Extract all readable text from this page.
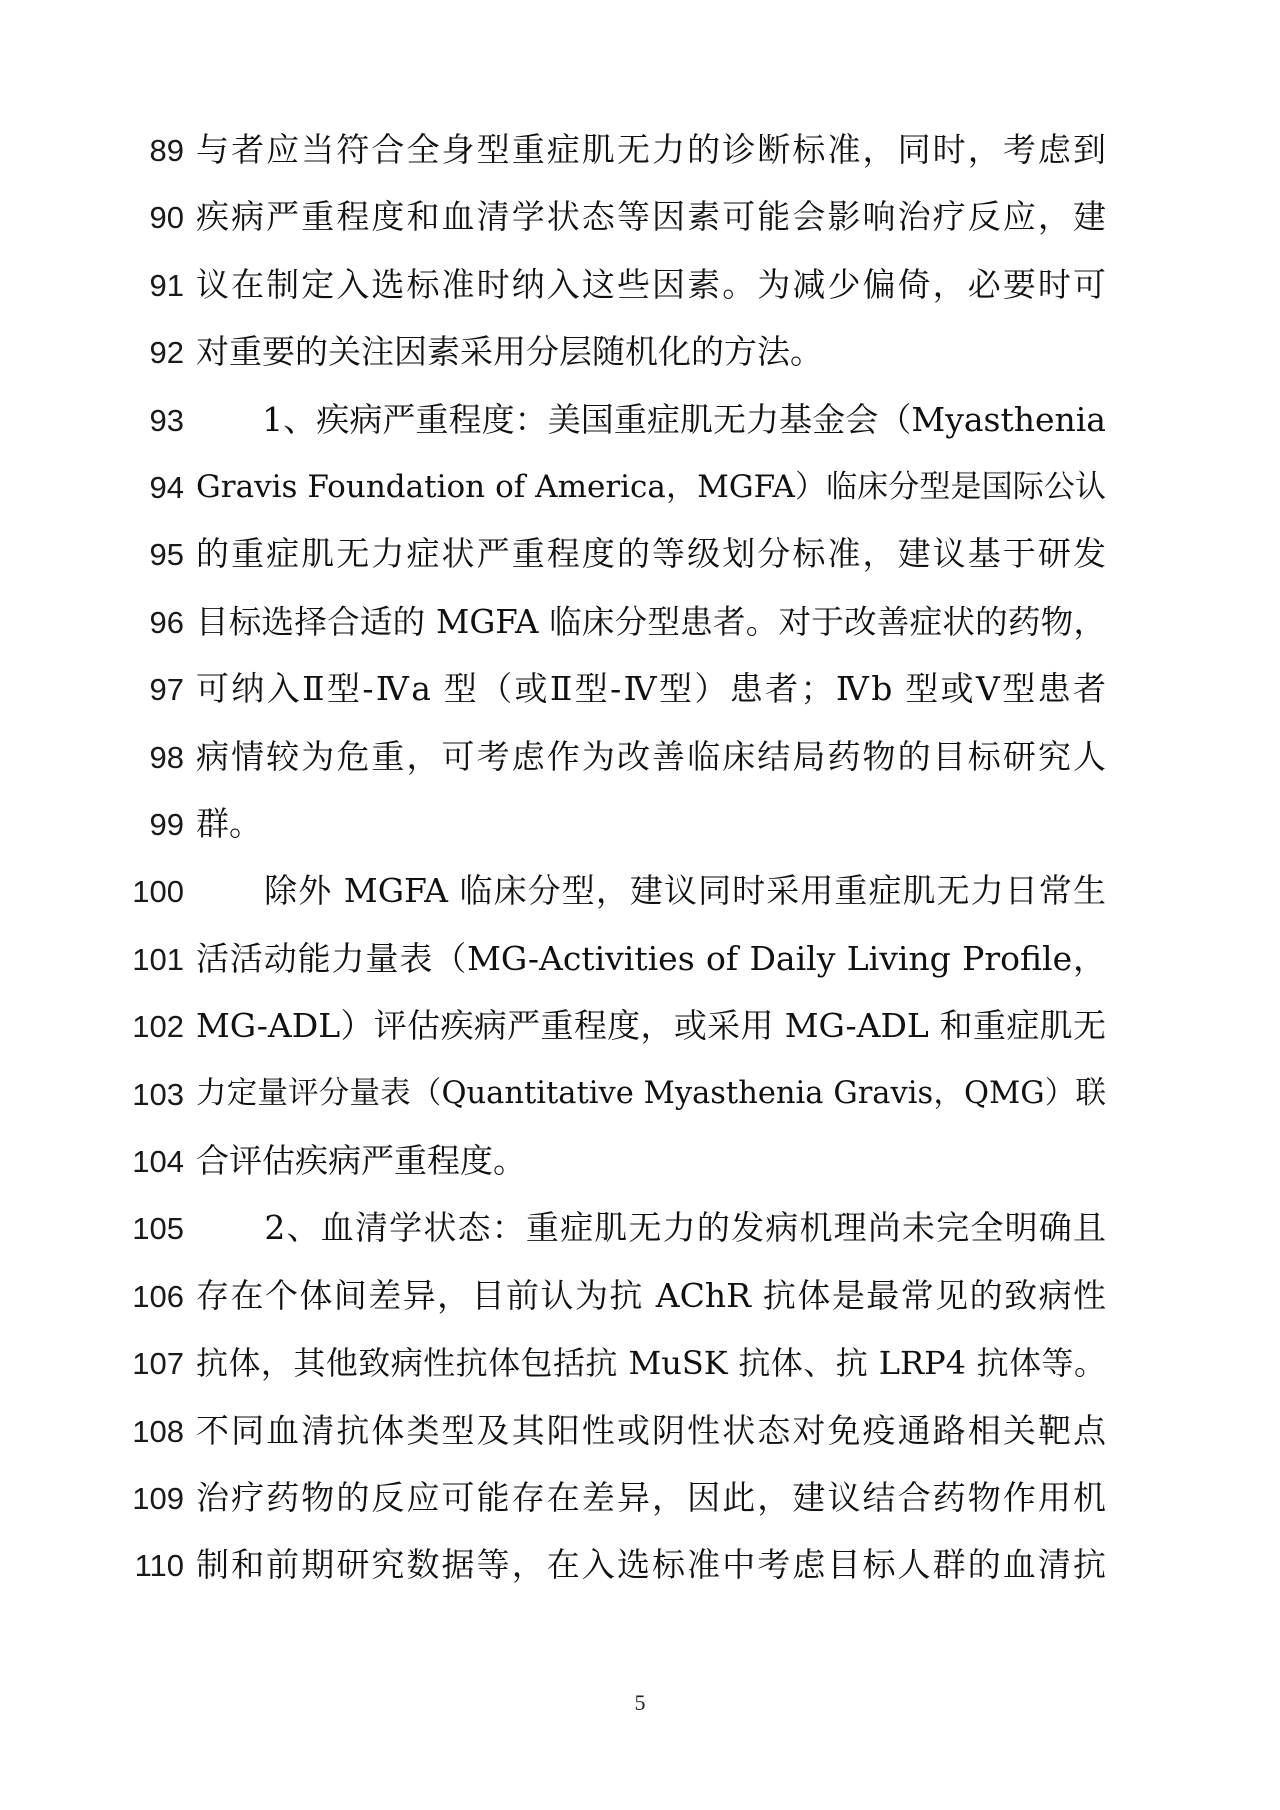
89 与者应当符合全身型重症肌无力的诊断标准，同时，考虑到
90 疾病严重程度和血清学状态等因素可能会影响治疗反应，建
91 议在制定入选标准时纳入这些因素。为减少偏倚，必要时可
92 对重要的关注因素采用分层随机化的方法。
93 　　1、疾病严重程度：美国重症肌无力基金会（Myasthenia
94 Gravis Foundation of America，MGFA）临床分型是国际公认
95 的重症肌无力症状严重程度的等级划分标准，建议基于研发
96 目标选择合适的 MGFA 临床分型患者。对于改善症状的药物，
97 可纳入Ⅱ型-Ⅳa 型（或Ⅱ型-Ⅳ型）患者；Ⅳb 型或Ⅴ型患者
98 病情较为危重，可考虑作为改善临床结局药物的目标研究人
99 群。
100 　　除外 MGFA 临床分型，建议同时采用重症肌无力日常生
101 活活动能力量表（MG-Activities of Daily Living Profile，
102 MG-ADL）评估疾病严重程度，或采用 MG-ADL 和重症肌无
103 力定量评分量表（Quantitative Myasthenia Gravis，QMG）联
104 合评估疾病严重程度。
105 　　2、血清学状态：重症肌无力的发病机理尚未完全明确且
106 存在个体间差异，目前认为抗 AChR 抗体是最常见的致病性
107 抗体，其他致病性抗体包括抗 MuSK 抗体、抗 LRP4 抗体等。
108 不同血清抗体类型及其阳性或阴性状态对免疫通路相关靶点
109 治疗药物的反应可能存在差异，因此，建议结合药物作用机
110 制和前期研究数据等，在入选标准中考虑目标人群的血清抗
5
